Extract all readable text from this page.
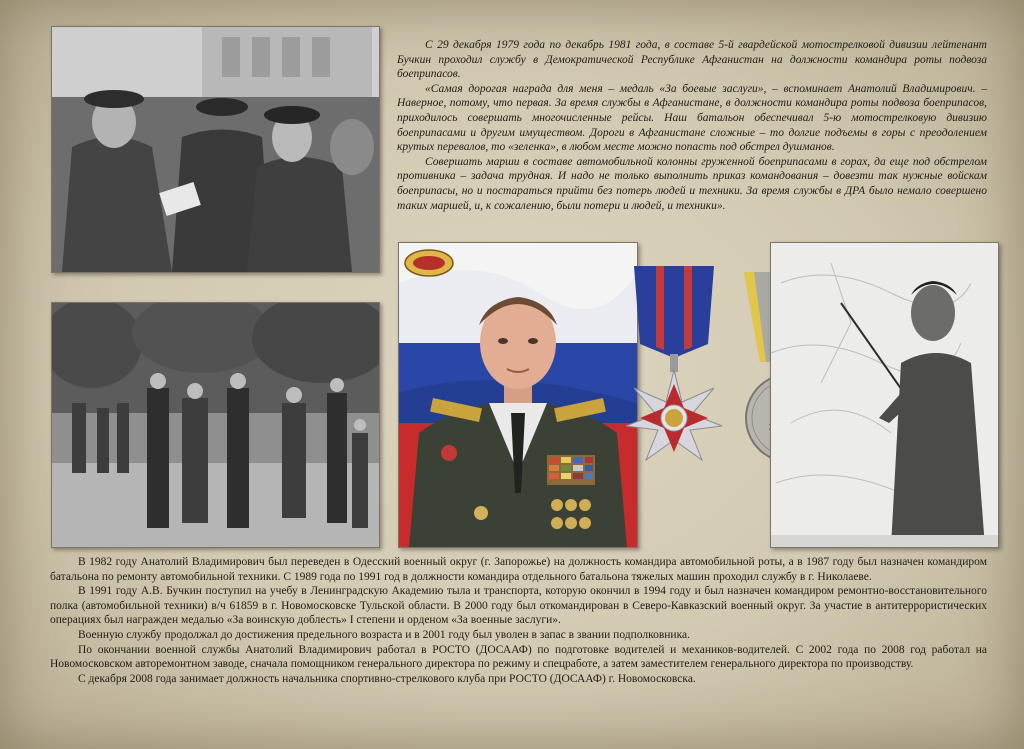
С 29 декабря 1979 года по декабрь 1981 года, в составе 5-й гвардейской мотострелковой дивизии лейтенант Бучкин проходил службу в Демократической Республике Афганистан на должности командира роты подвоза боеприпасов.

«Самая дорогая награда для меня – медаль «За боевые заслуги», – вспоминает Анатолий Владимирович. – Наверное, потому, что первая. За время службы в Афганистане, в должности командира роты подвоза боеприпасов, приходилось совершать многочисленные рейсы. Наш батальон обеспечивал 5-ю мотострелковую дивизию боеприпасами и другим имуществом. Дороги в Афганистане сложные – то долгие подъемы в горы с преодолением крутых перевалов, то «зеленка», в любом месте можно попасть под обстрел душманов.

Совершать марши в составе автомобильной колонны груженной боеприпасами в горах, да еще под обстрелом противника – задача трудная. И надо не только выполнить приказ командования – довезти так нужные войскам боеприпасы, но и постараться прийти без потерь людей и техники. За время службы в ДРА было немало совершено таких маршей, и, к сожалению, были потери и людей, и техники».

В 1982 году Анатолий Владимирович был переведен в Одесский военный округ (г. Запорожье) на должность командира автомобильной роты, а в 1987 году был назначен командиром батальона по ремонту автомобильной техники. С 1989 года по 1991 год в должности командира отдельного батальона тяжелых машин проходил службу в г. Николаеве.

В 1991 году А.В. Бучкин поступил на учебу в Ленинградскую Академию тыла и транспорта, которую окончил в 1994 году и был назначен командиром ремонтно-восстановительного полка (автомобильной техники) в/ч 61859 в г. Новомосковске Тульской области. В 2000 году был откомандирован в Северо-Кавказский военный округ. За участие в антитеррористических операциях был награжден медалью «За воинскую доблесть» I степени и орденом «За военные заслуги».

Военную службу продолжал до достижения предельного возраста и в 2001 году был уволен в запас в звании подполковника.

По окончании военной службы Анатолий Владимирович работал в РОСТО (ДОСААФ) по подготовке водителей и механиков-водителей. С 2002 года по 2008 год работал на Новомосковском авторемонтном заводе, сначала помощником генерального директора по режиму и спецработе, а затем заместителем генерального директора по производству.

С декабря 2008 года занимает должность начальника спортивно-стрелкового клуба при РОСТО (ДОСААФ) г. Новомосковска.
